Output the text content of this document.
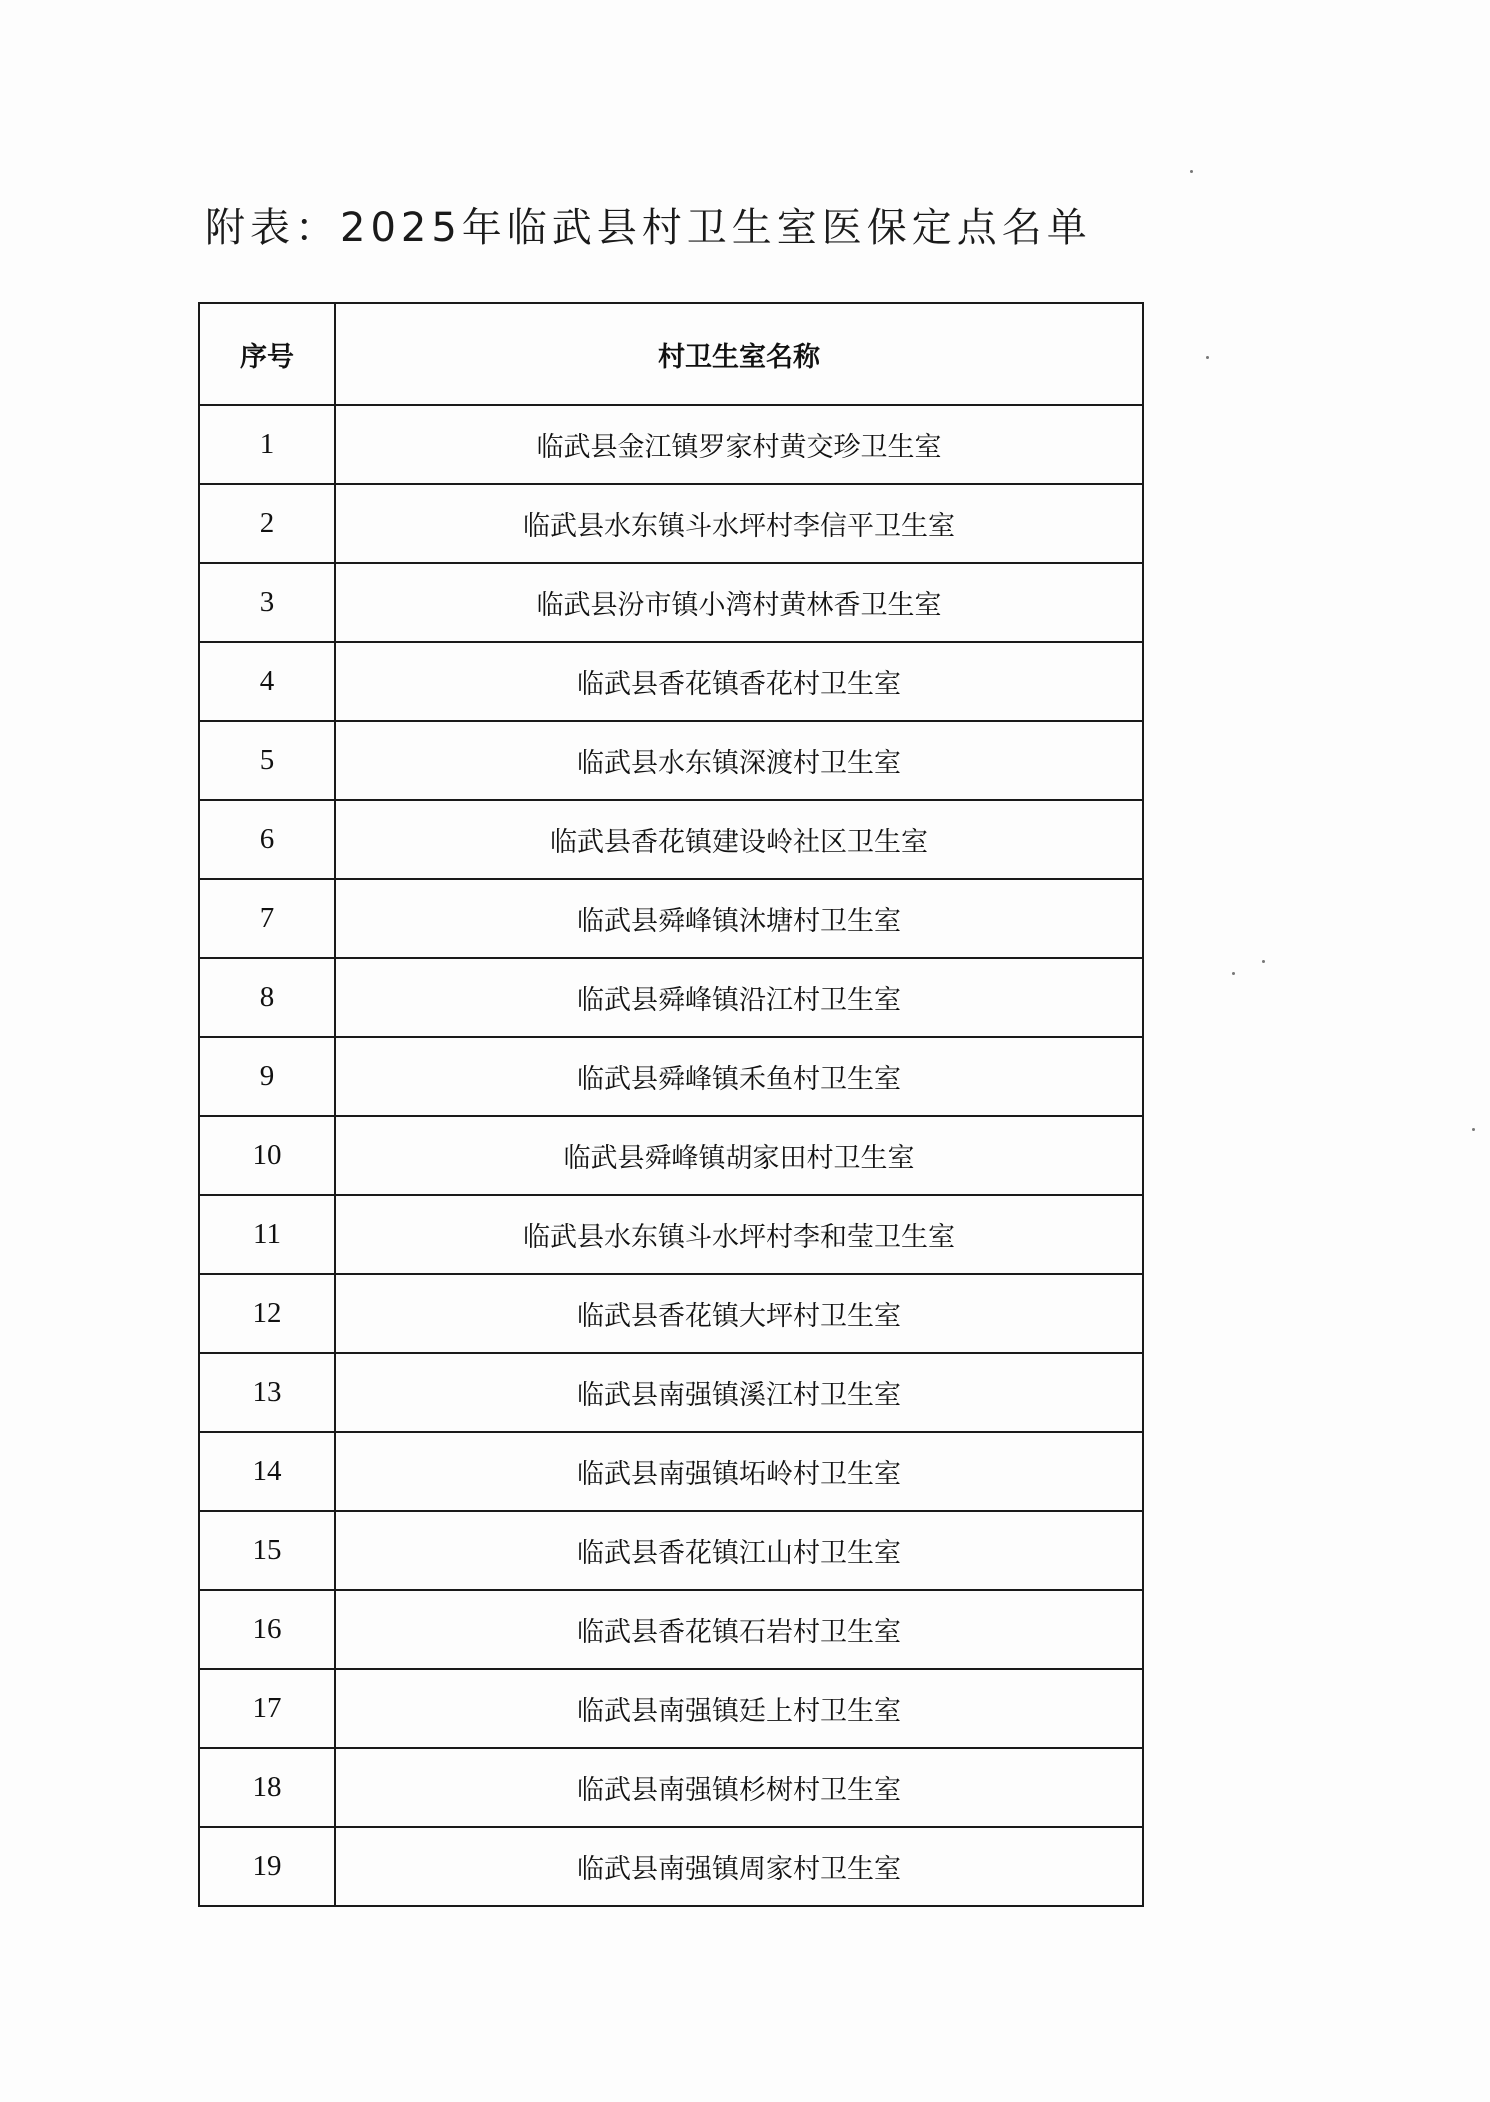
附表：2025年临武县村卫生室医保定点名单
序号	村卫生室名称
1	临武县金江镇罗家村黄交珍卫生室
2	临武县水东镇斗水坪村李信平卫生室
3	临武县汾市镇小湾村黄林香卫生室
4	临武县香花镇香花村卫生室
5	临武县水东镇深渡村卫生室
6	临武县香花镇建设岭社区卫生室
7	临武县舜峰镇沐塘村卫生室
8	临武县舜峰镇沿江村卫生室
9	临武县舜峰镇禾鱼村卫生室
10	临武县舜峰镇胡家田村卫生室
11	临武县水东镇斗水坪村李和莹卫生室
12	临武县香花镇大坪村卫生室
13	临武县南强镇溪江村卫生室
14	临武县南强镇坧岭村卫生室
15	临武县香花镇江山村卫生室
16	临武县香花镇石岩村卫生室
17	临武县南强镇廷上村卫生室
18	临武县南强镇杉树村卫生室
19	临武县南强镇周家村卫生室
